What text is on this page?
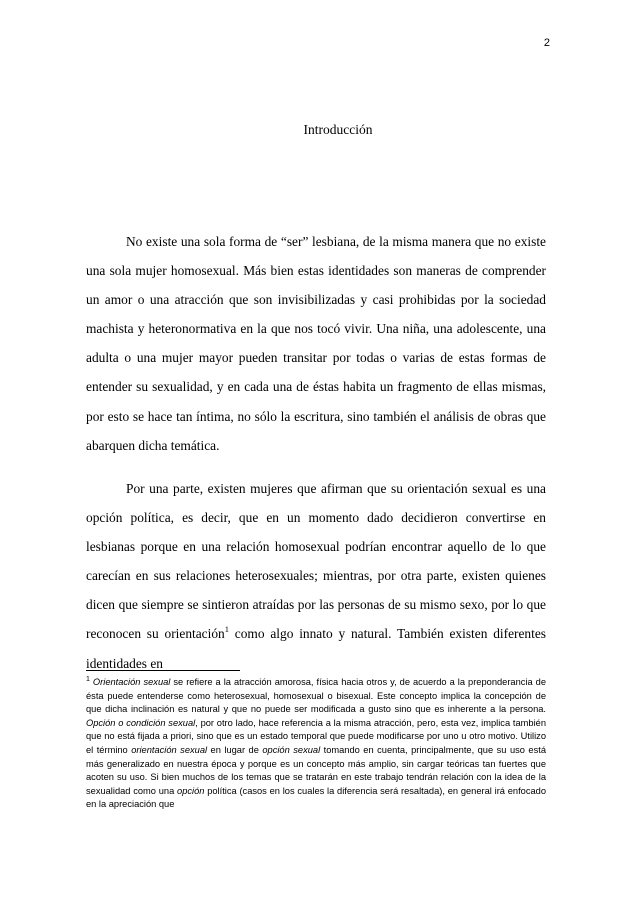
2
Introducción

No existe una sola forma de “ser” lesbiana, de la misma manera que no existe una sola mujer homosexual. Más bien estas identidades son maneras de comprender un amor o una atracción que son invisibilizadas y casi prohibidas por la sociedad machista y heteronormativa en la que nos tocó vivir. Una niña, una adolescente, una adulta o una mujer mayor pueden transitar por todas o varias de estas formas de entender su sexualidad, y en cada una de éstas habita un fragmento de ellas mismas, por esto se hace tan íntima, no sólo la escritura, sino también el análisis de obras que abarquen dicha temática.

Por una parte, existen mujeres que afirman que su orientación sexual es una opción política, es decir, que en un momento dado decidieron convertirse en lesbianas porque en una relación homosexual podrían encontrar aquello de lo que carecían en sus relaciones heterosexuales; mientras, por otra parte, existen quienes dicen que siempre se sintieron atraídas por las personas de su mismo sexo, por lo que reconocen su orientación$^1$ como algo innato y natural. También existen diferentes identidades en

$^1$ Orientación sexual se refiere a la atracción amorosa, física hacia otros y, de acuerdo a la preponderancia de ésta puede entenderse como heterosexual, homosexual o bisexual. Este concepto implica la concepción de que dicha inclinación es natural y que no puede ser modificada a gusto sino que es inherente a la persona. Opción o condición sexual, por otro lado, hace referencia a la misma atracción, pero, esta vez, implica también que no está fijada a priori, sino que es un estado temporal que puede modificarse por uno u otro motivo. Utilizo el término orientación sexual en lugar de opción sexual tomando en cuenta, principalmente, que su uso está más generalizado en nuestra época y porque es un concepto más amplio, sin cargar teóricas tan fuertes que acoten su uso. Si bien muchos de los temas que se tratarán en este trabajo tendrán relación con la idea de la sexualidad como una opción política (casos en los cuales la diferencia será resaltada), en general irá enfocado en la apreciación que
